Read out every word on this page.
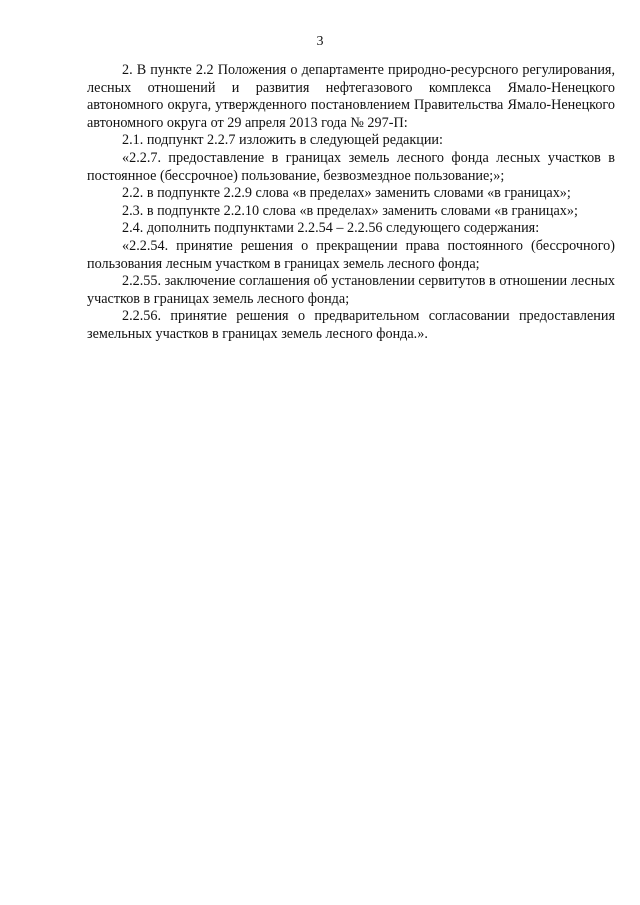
3

2. В пункте 2.2 Положения о департаменте природно-ресурсного регулирования, лесных отношений и развития нефтегазового комплекса Ямало-Ненецкого автономного округа, утвержденного постановлением Правительства Ямало-Ненецкого автономного округа от 29 апреля 2013 года № 297-П:

2.1. подпункт 2.2.7 изложить в следующей редакции:

«2.2.7. предоставление в границах земель лесного фонда лесных участков в постоянное (бессрочное) пользование, безвозмездное пользование;»;

2.2. в подпункте 2.2.9 слова «в пределах» заменить словами «в границах»;

2.3. в подпункте 2.2.10 слова «в пределах» заменить словами «в границах»;

2.4. дополнить подпунктами 2.2.54 – 2.2.56 следующего содержания:

«2.2.54. принятие решения о прекращении права постоянного (бессрочного) пользования лесным участком в границах земель лесного фонда;

2.2.55. заключение соглашения об установлении сервитутов в отношении лесных участков в границах земель лесного фонда;

2.2.56. принятие решения о предварительном согласовании предоставления земельных участков в границах земель лесного фонда.».
